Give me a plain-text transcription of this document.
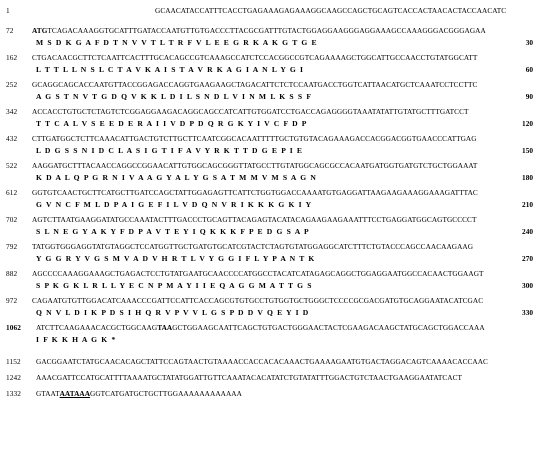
1	GCAACATACCATTTCACCTGAGAAAGAGAAAGGCAAGCCAGCTGCAGTCACCACTAACACTACCAACATC
72	ATGTCAGACAAAGGTGCATTTGATACCAATGTTGTGACCCTTACGCGATTTGTACTGGAGGAAGGGAGGAAAGCCAAAGGGACGGGAGAA
M  S  D  K  G  A  F  D  T  N  V  V  T  L  T  R  F  V  L  E  E  G  R  K  A  K  G  T  G  E	30
162 CTGACAACGCTTCTCAATTCACTTTGCACAGCCGTCAAAGCCATCTCCACGGCCGTCAGAAAAGCTGGCATTGCCAACCTGTATGGCATT
L  T  T  L  L  N  S  L  C  T  A  V  K  A  I  S  T  A  V  R  K  A  G  I  A  N  L  Y  G  I	60
252 GCAGGCAGCACCAATGTTACCGGAGACCAGGTGAAGAAGCTAGACATTCTCTCCAATGACCTGGTCATTAACATGCTCAAATCCTCCTTC
A  G  S  T  N  V  T  G  D  Q  V  K  K  L  D  I  L  S  N  D  L  V  I  N  M  L  K  S  S  F	90
342 ACCACCTGTGCTCTAGTCTCGGAGGAAGACAGGCAGCCATCATTGTGGATCCTGACCAGAGGGGTAAATATATTGTATGCTTTGATCCT
T  T  C  A  L  V  S  E  E  D  E  R  A  I  I  V  D  P  D  Q  R  G  K  Y  I  V  C  F  D  P	120
432 CTTGATGGCTCTTCAAACATTGACTGTCTTGCTTCAATCGGCACAATTTTTGCTGTGTACAGAAAGACCACGGACGGTGAACCCATTGAG
L  D  G  S  S  N  I  D  C  L  A  S  I  G  T  I  F  A  V  Y  R  K  T  T  D  G  E  P  I  E	150
522 AAGGATGCTTTACAACCAGGCCGGAACATTGTGGCAGCGGGTTATGCCTTGTATGGCAGCGCCACAATGATGGTGATGTCTGCTGGAAAT
K  D  A  L  Q  P  G  R  N  I  V  A  A  G  Y  A  L  Y  G  S  A  T  M  M  V  M  S  A  G  N	180
612 GGTGTCAACTGCTTCATGCTTGATCCAGCTATTGGAGAGTTCATTCTGGTGGACCAAAATGTGAGGATTAAGAAGAAAGGAAAGATTTAC
G  V  N  C  F  M  L  D  P  A  I  G  E  F  I  L  V  D  Q  N  V  R  I  K  K  K  G  K  I  Y	210
702 AGTCTTAATGAAGGATATGCCAAATACTTTGACCCTGCAGTTACAGAGTACATACAGAAGAAGAAATTTCCTGAGGATGGCAGTGCCCCT
S  L  N  E  G  Y  A  K  Y  F  D  P  A  V  T  E  Y  I  Q  K  K  K  F  P  E  D  G  S  A  P	240
792 TATGGTGGGAGGTATGTAGGCTCCATGGTTGCTGATGTGCATCGTACTCTAGTGTATGGAGGCATCTTTCTGTACCCAGCCAACAAGAAG
Y  G  G  R  Y  V  G  S  M  V  A  D  V  H  R  T  L  V  Y  G  G  I  F  L  Y  P  A  N  T  K	270
882 AGCCCCAAAGGAAAGCTGAGACTCCTGTATGAATGCAACCCCATGGCCTACATCATAGAGCAGGCTGGAGGAATGGCCACAACTGGAAGT
S  P  K  G  K  L  R  L  L  Y  E  C  N  P  M  A  Y  I  I  E  Q  A  G  G  M  A  T  T  G  S	300
972 CAGAATGTGTTGGACATCAAACCCGATTCCATTCACCAGCGTGTGCCTGTGGTGCTGGGCTCCCCGCGACGATGTGCAGGAATACATCGAC
Q  N  V  L  D  I  K  P  D  S  I  H  Q  R  V  P  V  V  L  G  S  P  D  D  V  Q  E  Y  I  D	330
1062 ATCTTCAAGAAACACGCTGGCAAGTAAGCTGGAAGCAATTCAGCTGTGACTGGGAACTACTCGAAGACAAGCTATGCAGCTGGACCAAA
I  F  K  K  H  A  G  K  *
1152 GACGGAATCTATGCAACACAGCTATTCCAGTAACTGTAAAACCACCACACAAACTGAAAAGAATGTGACTAGGACAGTCAAAACACCAAC
1242 AAACGATTCCATGCATTTTAAAATGCTATATGGATTGTTCAAATACACATATCTGTATATTTGGACTGTCTAACTGAAGGAATATCACT
1332 GTAATAATAAAGGTCATGATGCTGCTTGGAAAAAAAAAAAA
